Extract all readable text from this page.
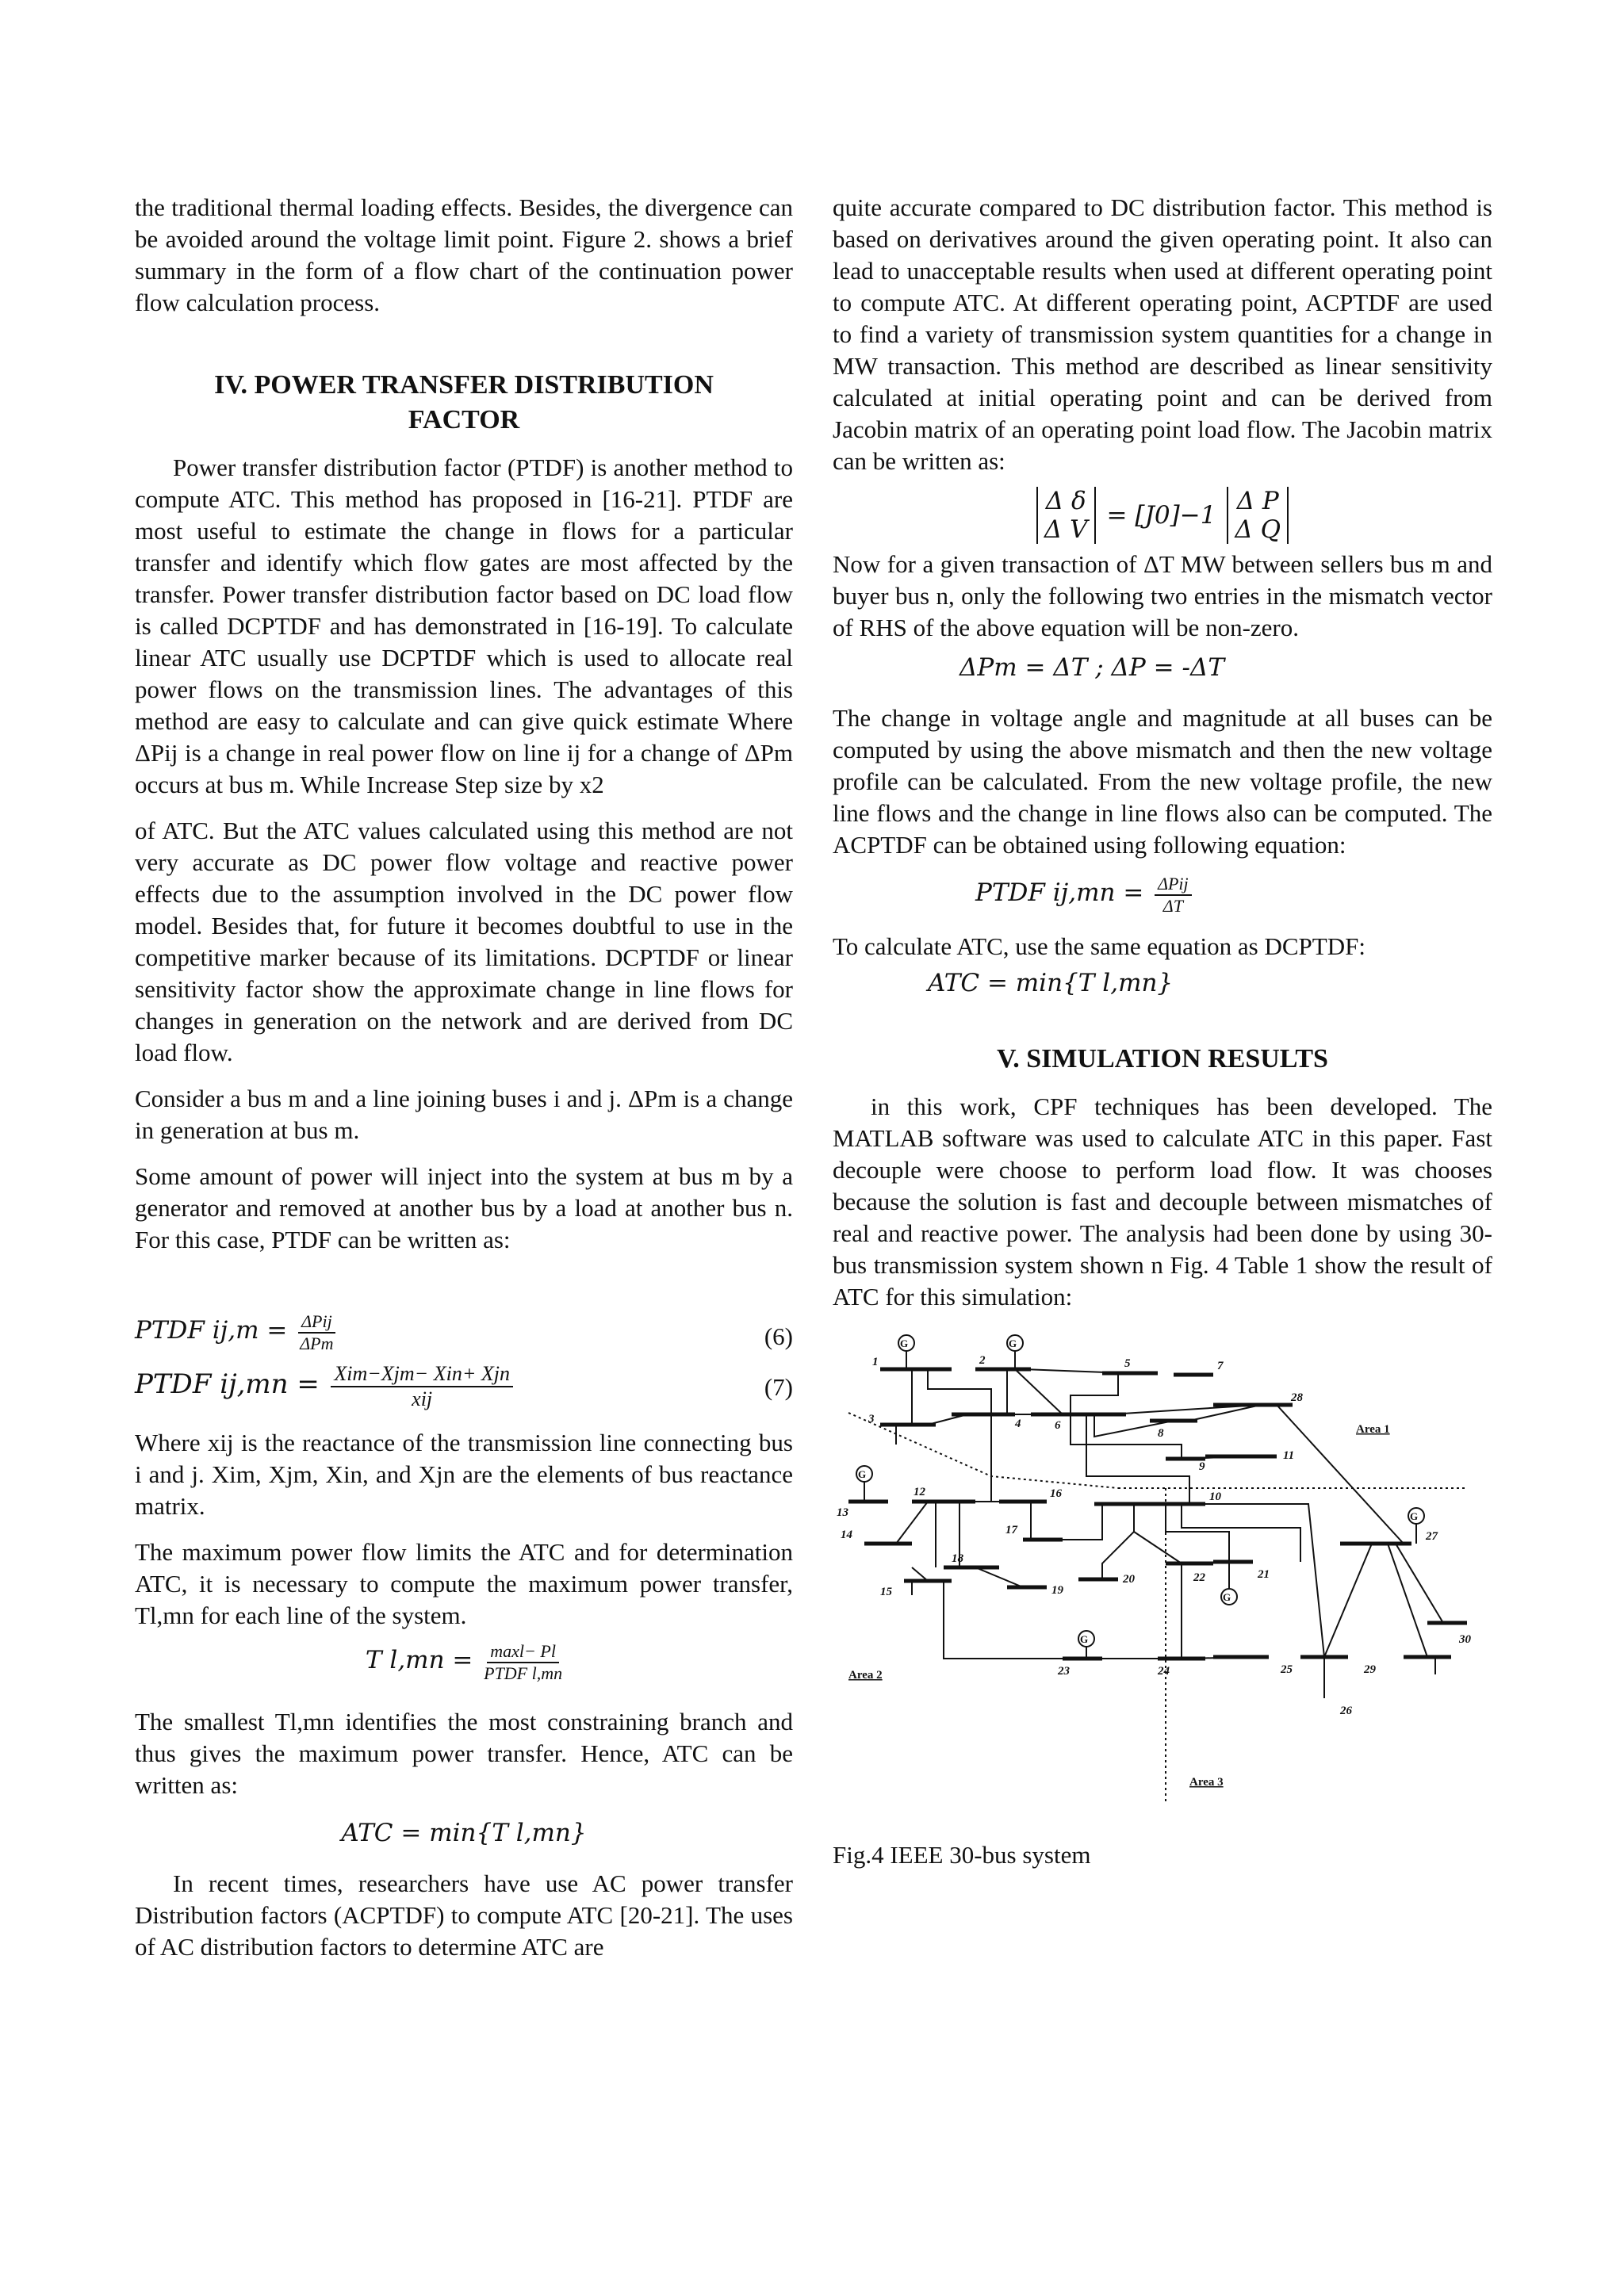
the traditional thermal loading effects. Besides, the divergence can be avoided around the voltage limit point. Figure 2. shows a brief summary in the form of a flow chart of the continuation power flow calculation process.

IV. POWER TRANSFER DISTRIBUTION
FACTOR

Power transfer distribution factor (PTDF) is another method to compute ATC. This method has proposed in [16-21]. PTDF are most useful to estimate the change in flows for a particular transfer and identify which flow gates are most affected by the transfer. Power transfer distribution factor based on DC load flow is called DCPTDF and has demonstrated in [16-19]. To calculate linear ATC usually use DCPTDF which is used to allocate real power flows on the transmission lines. The advantages of this method are easy to calculate and can give quick estimate Where ΔPij is a change in real power flow on line ij for a change of ΔPm occurs at bus m. While Increase Step size by x2

of ATC. But the ATC values calculated using this method are not very accurate as DC power flow voltage and reactive power effects due to the assumption involved in the DC power flow model. Besides that, for future it becomes doubtful to use in the competitive marker because of its limitations. DCPTDF or linear sensitivity factor show the approximate change in line flows for changes in generation on the network and are derived from DC load flow.

Consider a bus m and a line joining buses i and j. ΔPm is a change in generation at bus m.

Some amount of power will inject into the system at bus m by a generator and removed at another bus by a load at another bus n. For this case, PTDF can be written as:

PTDF $ij,m = \frac{\text{ΔPij}}{\text{ΔPm}}$	(6)
PTDF $ij,mn = \frac{\text{Xim−Xjm− Xin+ Xjn}}{\text{xij}}$	(7)

Where xij is the reactance of the transmission line connecting bus i and j. Xim, Xjm, Xin, and Xjn are the elements of bus reactance matrix.

The maximum power flow limits the ATC and for determination ATC, it is necessary to compute the maximum power transfer, Tl,mn for each line of the system.

T $l,mn = \frac{\max l- Pl}{\text{PTDF l,mn}}$

The smallest Tl,mn identifies the most constraining branch and thus gives the maximum power transfer. Hence, ATC can be written as:

ATC = min{T l,mn}

In recent times, researchers have use AC power transfer Distribution factors (ACPTDF) to compute ATC [20-21]. The uses of AC distribution factors to determine ATC are

quite accurate compared to DC distribution factor. This method is based on derivatives around the given operating point. It also can lead to unacceptable results when used at different operating point to compute ATC. At different operating point, ACPTDF are used to find a variety of transmission system quantities for a change in MW transaction. This method are described as linear sensitivity calculated at initial operating point and can be derived from Jacobin matrix of an operating point load flow. The Jacobin matrix can be written as:

Δ δ
Δ V = [J0]−1 Δ P
Δ Q

Now for a given transaction of ΔT MW between sellers bus m and buyer bus n, only the following two entries in the mismatch vector of RHS of the above equation will be non-zero.

ΔPm = ΔT ; ΔP = -ΔT

The change in voltage angle and magnitude at all buses can be computed by using the above mismatch and then the new voltage profile can be calculated. From the new voltage profile, the new line flows and the change in line flows also can be computed. The ACPTDF can be obtained using following equation:

PTDF $ij,mn = \frac{\text{ΔPij}}{\Delta T}$

To calculate ATC, use the same equation as DCPTDF:

ATC = min{T l,mn}
V. SIMULATION RESULTS

in this work, CPF techniques has been developed. The MATLAB software was used to calculate ATC in this paper. Fast decouple were choose to perform load flow. It was chooses because the solution is fast and decouple between mismatches of real and reactive power. The analysis had been done by using 30-bus transmission system shown n Fig. 4 Table 1 show the result of ATC for this simulation:

G	G
G
G
G
G
1	2
3	4
5
6
7
8
9
10
11
12
13
14
15
16
17
18
19
20	21
22
23	24	25
26
27
28
29
30
Area 1
Area 2
Area 3

Fig.4 IEEE 30-bus system
